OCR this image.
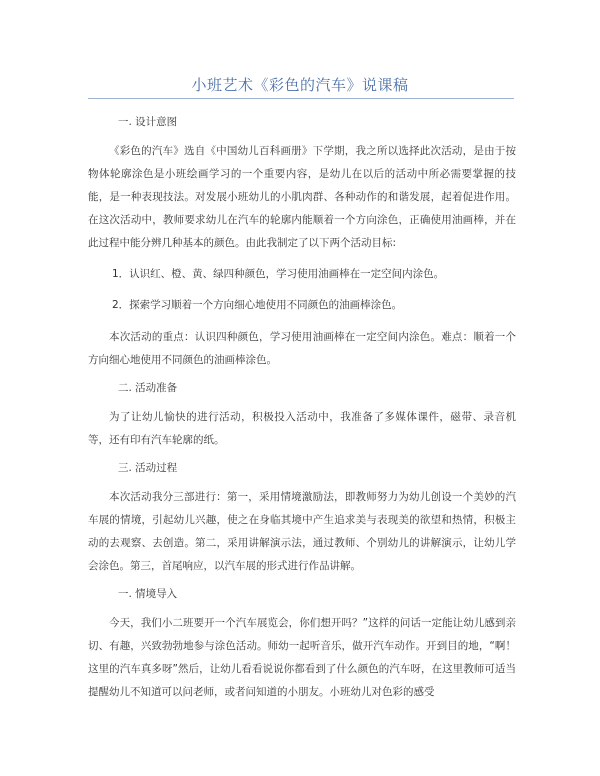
小班艺术《彩色的汽车》说课稿
一. 设计意图

《彩色的汽车》选自《中国幼儿百科画册》下学期，我之所以选择此次活动，是由于按物体轮廓涂色是小班绘画学习的一个重要内容，是幼儿在以后的活动中所必需要掌握的技能，是一种表现技法。对发展小班幼儿的小肌肉群、各种动作的和谐发展，起着促进作用。在这次活动中，教师要求幼儿在汽车的轮廓内能顺着一个方向涂色，正确使用油画棒，并在此过程中能分辨几种基本的颜色。由此我制定了以下两个活动目标:

1．认识红、橙、黄、绿四种颜色，学习使用油画棒在一定空间内涂色。
2．探索学习顺着一个方向细心地使用不同颜色的油画棒涂色。

本次活动的重点：认识四种颜色，学习使用油画棒在一定空间内涂色。难点：顺着一个方向细心地使用不同颜色的油画棒涂色。

二. 活动准备

为了让幼儿愉快的进行活动，积极投入活动中，我准备了多媒体课件，磁带、录音机等，还有印有汽车轮廓的纸。

三. 活动过程

本次活动我分三部进行：第一，采用情境激励法，即教师努力为幼儿创设一个美妙的汽车展的情境，引起幼儿兴趣，使之在身临其境中产生追求美与表现美的欲望和热情，积极主动的去观察、去创造。第二，采用讲解演示法，通过教师、个别幼儿的讲解演示，让幼儿学会涂色。第三，首尾响应，以汽车展的形式进行作品讲解。

一. 情境导入

今天，我们小二班要开一个汽车展览会，你们想开吗？”这样的问话一定能让幼儿感到亲切、有趣，兴致勃勃地参与涂色活动。师幼一起听音乐，做开汽车动作。开到目的地，“啊！这里的汽车真多呀”然后，让幼儿看看说说你都看到了什么颜色的汽车呀，在这里教师可适当提醒幼儿不知道可以问老师，或者问知道的小朋友。小班幼儿对色彩的感受
